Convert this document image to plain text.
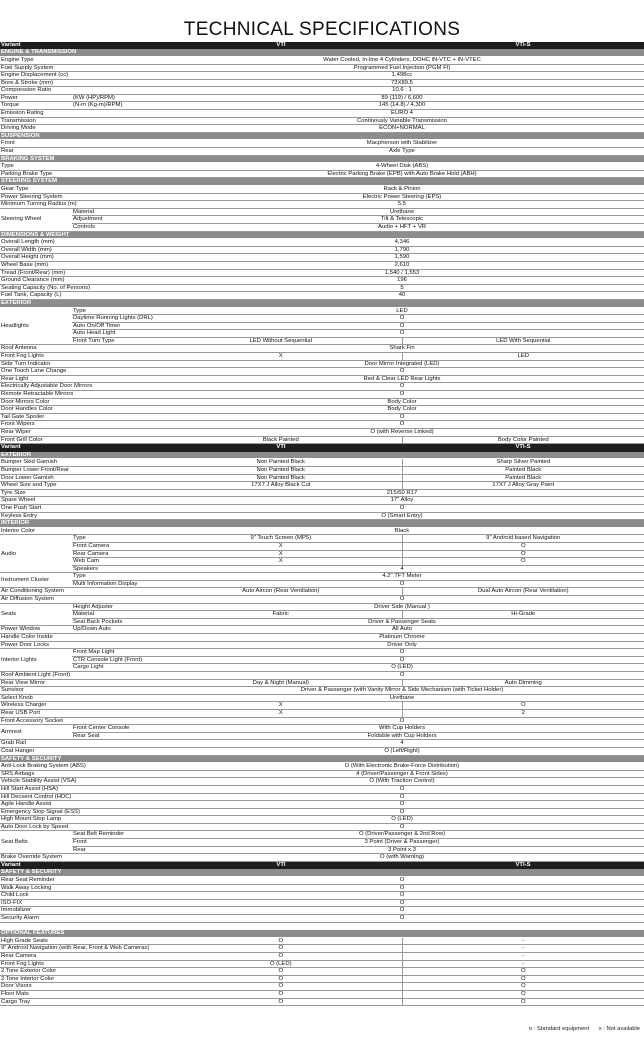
TECHNICAL SPECIFICATIONS
Variant		VTI	VTI-S
ENGINE & TRANSMISSION			
Engine Type		Water Cooled, In-line 4 Cylinders, DOHC iN-VTC + iN-VTEC	
Fuel Supply System		Programmed Fuel Injection (PGM FI)	
Engine Displacement (cc)		1,498cc	
Bore & Stroke (mm)		73X89.5	
Compression Ratio		10.6 : 1	
Power	(KW (HP)/RPM)	89 (119) / 6,600	
Torque	(N-m (Kg-m)/RPM)	145 (14.8) / 4,300	
Emission Rating		EURO 4	
Transmission		Continously Variable Transmission	
Driving Mode		ECON+NORMAL	
SUSPENSION			
Front		Macpherson with Stabilizer	
Rear		Axle Type	
BRAKING SYSTEM			
Type		4-Wheel Disk (ABS)	
Parking Brake Type		Electric Parking Brake (EPB) with Auto Brake Hold (ABH)	
STEERING SYSTEM			
Gear Type		Rack & Pinion	
Power Steering System		Electric Power Steering (EPS)	
Minimum Turning Radius (m)		5.5	
Steering Wheel	Material	Urethane	
	Adjustment	Tilt & Telescopic	
	Controls	Audio + HFT + VR	
DIMENSIONS & WEIGHT			
Overall Length (mm)		4,346	
Overall Width (mm)		1,790	
Overall Height (mm)		1,590	
Wheel Base (mm)		2,610	
Tread (Front/Rear) (mm)		1,540 / 1,553	
Ground Clearance (mm)		196	
Seating Capacity (No. of Persons)		5	
Fuel Tank, Capacity (L)		40	
EXTERIOR			
Headlights	Type	LED	
	Daytime Running Lights (DRL)	O	
	Auto On/Off Timer	O	
	Auto Head Light	O	
	Front Turn Type	LED Without Sequential	LED With Sequential
Roof Antenna		Shark Fin	
Front Fog Lights		X	LED
Side Turn Indicator		Door Mirror Integrated (LED)	
One Touch Lane Change		O	
Rear Light		Red & Clear LED Rear Lights	
Electrically Adjustable Door Mirrors		O	
Remote Retractable Mirrors		O	
Door Mirrors Color		Body Color	
Door Handles Color		Body Color	
Tail Gate Spoiler		O	
Front Wipers		O	
Rear Wiper		O (with Reverse Linked)	
Front Grill Color		Black Painted	Body Color Painted
Variant		VTI	VTI-S
EXTERIOR			
Bumper Skid Garnish		Non Painted Black	Sharp Silver Painted
Bumper Lower Front/Rear		Non Painted Black	Painted Black
Door Lower Garnish		Non Painted Black	Painted Black
Wheel Size and Type		17X7 J Alloy Black Cut	17X7 J Alloy Gray Paint
Tyre Size		215/60 R17	
Spare Wheel		17" Alloy	
One Push Start		O	
Keyless Entry		O (Smart Entry)	
INTERIOR			
Interior Color		Black	
Audio	Type	9" Touch Screen (MP5)	9" Android based Navigation
	Front Camera	X	O
	Rear Camera	X	O
	Web Cam	X	O
	Speakers	4	
Instrument Cluster	Type	4.2" TFT Meter	
	Multi Information Display	O	
Air Conditioning System		Auto Aircon (Rear Ventilation)	Dual Auto Aircon (Rear Ventilation)
Air Diffusion System		O	
Seats	Height Adjuster	Driver Side (Manual )	
	Material	Fabric	Hi-Grade
	Seat Back Pockets	Driver & Passenger Seats	
Power Window	Up/Down Auto	All Auto	
Handle Color Inside		Platinum Chrome	
Power Door Locks		Driver Only	
Interior Lights	Front Map Light	O	
	CTR Console Light (Front)	O	
	Cargo Light	O (LED)	
Roof Ambient Light (Front)		O	
Rear View Mirror		Day & Night (Manual)	Auto Dimming
Sunvisor		Driver & Passenger (with Vanity Mirror & Side Mechanism (with Ticket Holder)	
Select Knob		Urethane	
Wireless Charger		X	O
Rear USB Port		X	2
Front Accessory Socket		O	
Armrest	Front Center Console	With Cup Holders	
	Rear Seat	Foldable with Cup Holders	
Grab Rail		4	
Coat Hanger		O (Left/Right)	
SAFETY & SECURITY			
Anti-Lock Braking System (ABS)		O (With Electronic Brake-Force Distribution)	
SRS Airbags		4 (Driver/Passenger & Front Sides)	
Vehicle Stability Assist (VSA)		O (With Traction Control)	
Hill Start Assist (HSA)		O	
Hill Decsent Control (HDC)		O	
Agile Handle Assist		O	
Emergency Stop Signal (ESS)		O	
High Mount Stop Lamp		O (LED)	
Auto Door Lock by Speed		O	
Seat Belts	Seat Belt Reminder	O (Driver/Passenger & 2nd Row)	
	Front	3 Point (Driver & Passenger)	
	Rear	3 Point x 3	
Brake Override System		O (with Warning)	
Variant		VTI	VTI-S
SAFETY & SECURITY			
Rear Seat Reminder		O	
Walk Away Locking		O	
Child Lock		O	
ISO-FIX		O	
Immobilizer		O	
Security Alarm		O	

OPTIONAL FEATURES			
High Grade Seats		O	-
9" Android Navigation (with Rear, Front & Web Cameras)		O	-
Rear Camera		O	-
Front Fog Lights		O (LED)	-
2 Tone Exterior Color		O	O
2 Tone Interior Color		O	O
Door Visors		O	O
Floor Mats		O	O
Cargo Tray		O	O
o : Standard equipment x : Not available
